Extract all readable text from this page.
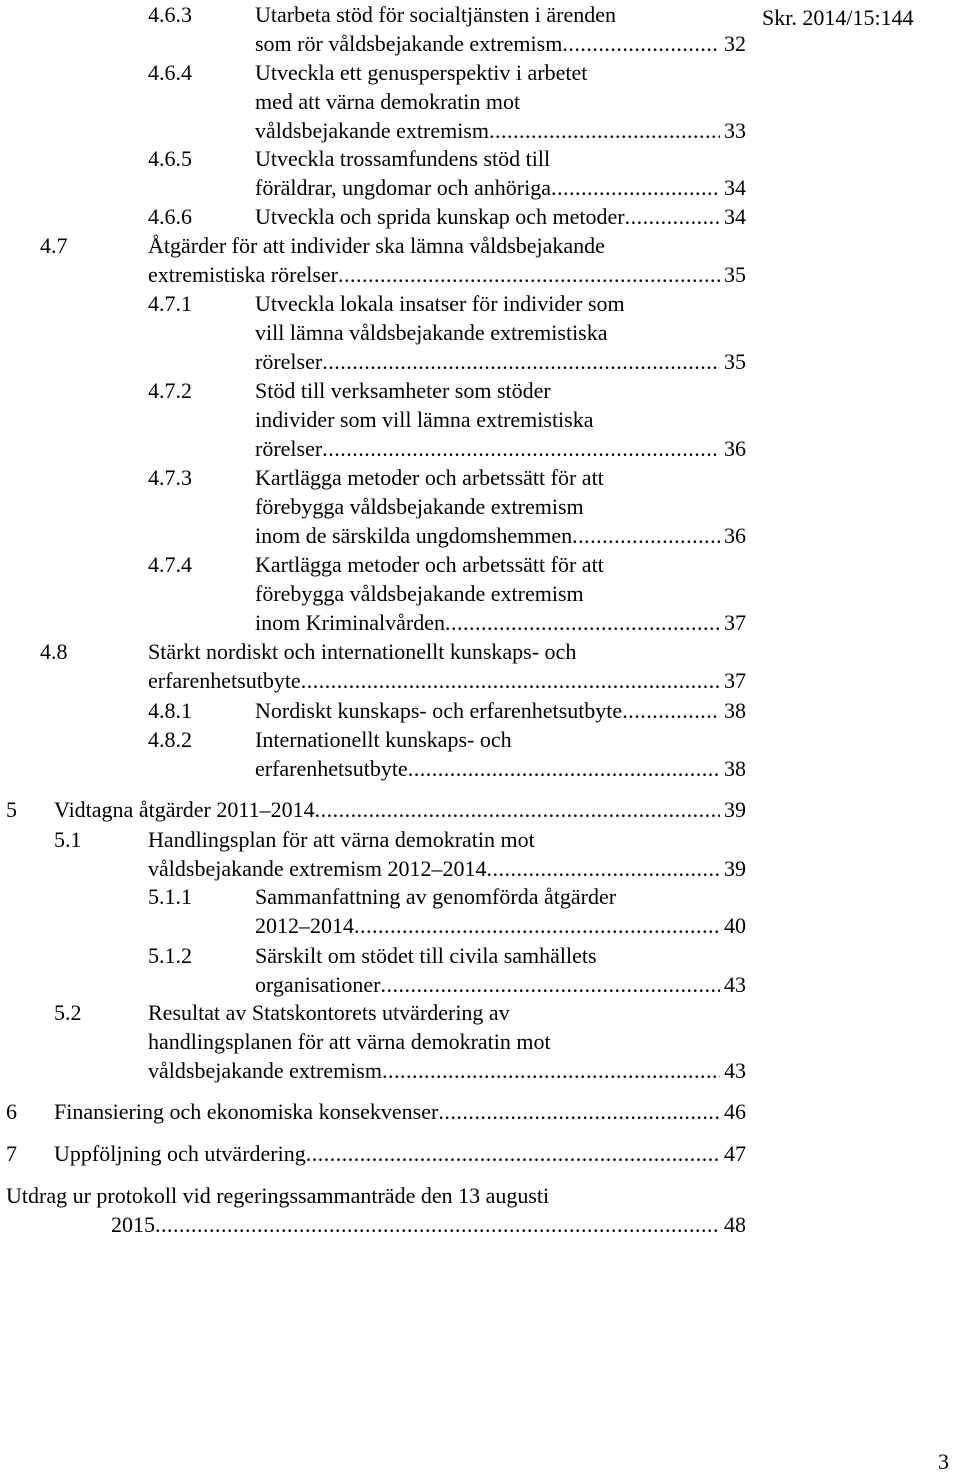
Skr. 2014/15:144
4.6.3	Utarbeta stöd för socialtjänsten i ärenden
som rör våldsbejakande extremism .....	32
4.6.4	Utveckla ett genusperspektiv i arbetet
med att värna demokratin mot
våldsbejakande extremism .....	33
4.6.5	Utveckla trossamfundens stöd till
föräldrar, ungdomar och anhöriga .....	34
4.6.6	Utveckla och sprida kunskap och metoder .....	34
4.7	Åtgärder för att individer ska lämna våldsbejakande
extremistiska rörelser .....	35
4.7.1	Utveckla lokala insatser för individer som
vill lämna våldsbejakande extremistiska
rörelser .....	35
4.7.2	Stöd till verksamheter som stöder
individer som vill lämna extremistiska
rörelser .....	36
4.7.3	Kartlägga metoder och arbetssätt för att
förebygga våldsbejakande extremism
inom de särskilda ungdomshemmen .....	36
4.7.4	Kartlägga metoder och arbetssätt för att
förebygga våldsbejakande extremism
inom Kriminalvården .....	37
4.8	Stärkt nordiskt och internationellt kunskaps- och
erfarenhetsutbyte .....	37
4.8.1	Nordiskt kunskaps- och erfarenhetsutbyte .....	38
4.8.2	Internationellt kunskaps- och
erfarenhetsutbyte .....	38
5 Vidtagna åtgärder 2011–2014 .....	39
5.1	Handlingsplan för att värna demokratin mot
våldsbejakande extremism 2012–2014 .....	39
5.1.1	Sammanfattning av genomförda åtgärder
2012–2014 .....	40
5.1.2	Särskilt om stödet till civila samhällets
organisationer .....	43
5.2	Resultat av Statskontorets utvärdering av
handlingsplanen för att värna demokratin mot
våldsbejakande extremism .....	43
6 Finansiering och ekonomiska konsekvenser .....	46
7 Uppföljning och utvärdering .....	47
Utdrag ur protokoll vid regeringssammanträde den 13 augusti
2015 .....	48
3
